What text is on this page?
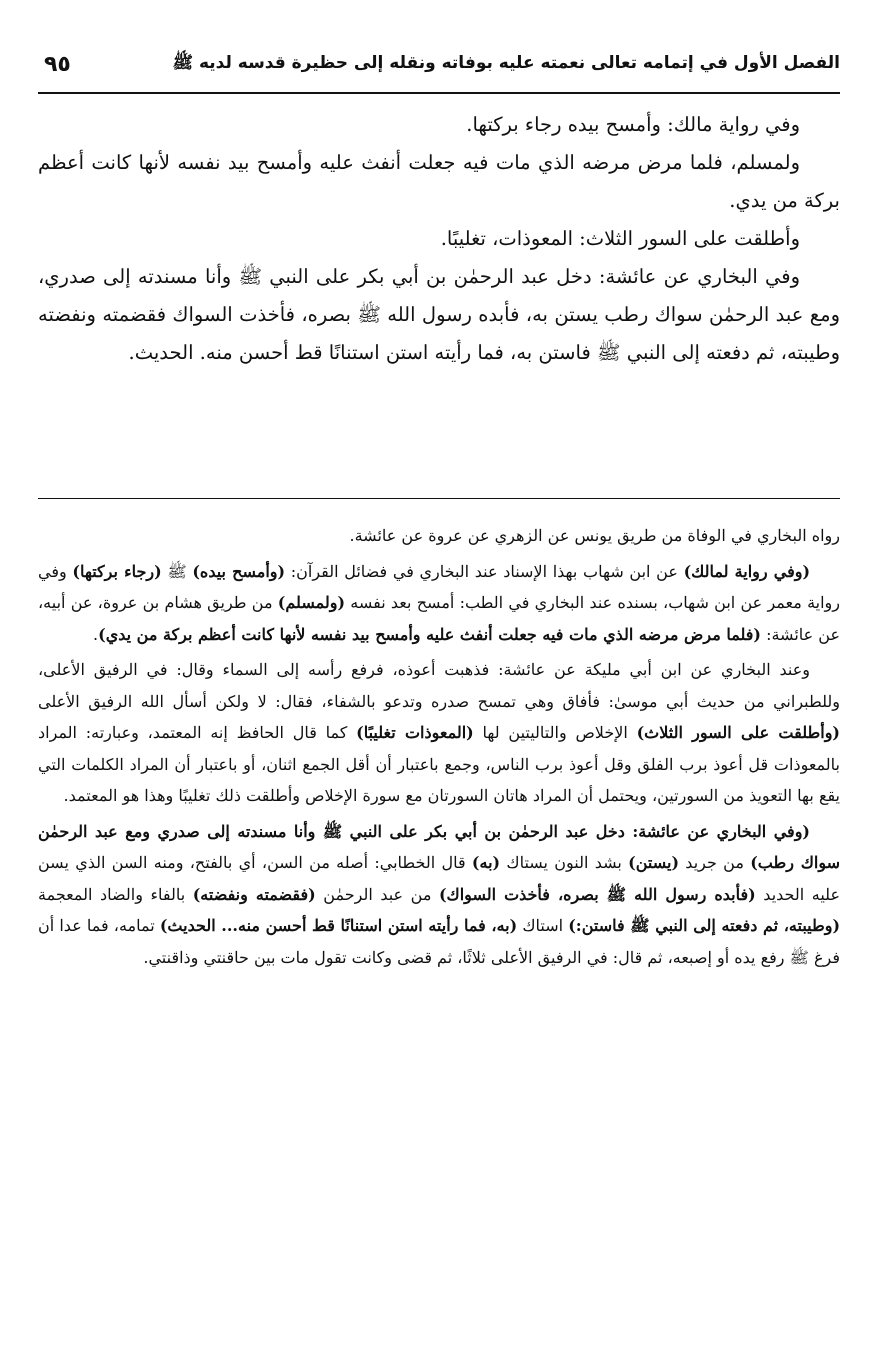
الفصل الأول في إتمامه تعالى نعمته عليه بوفاته ونقله إلى حظيرة قدسه لديه ﷺ
٩٥

وفي رواية مالك: وأمسح بيده رجاء بركتها.

ولمسلم، فلما مرض مرضه الذي مات فيه جعلت أنفث عليه وأمسح بيد نفسه لأنها كانت أعظم بركة من يدي.

وأطلقت على السور الثلاث: المعوذات، تغليبًا.

وفي البخاري عن عائشة: دخل عبد الرحمٰن بن أبي بكر على النبي ﷺ وأنا مسندته إلى صدري، ومع عبد الرحمٰن سواك رطب يستن به، فأبده رسول الله ﷺ بصره، فأخذت السواك فقضمته ونفضته وطيبته، ثم دفعته إلى النبي ﷺ فاستن به، فما رأيته استن استنانًا قط أحسن منه. الحديث.

رواه البخاري في الوفاة من طريق يونس عن الزهري عن عروة عن عائشة.

(وفي رواية لمالك) عن ابن شهاب بهذا الإسناد عند البخاري في فضائل القرآن: (وأمسح بيده) ﷺ (رجاء بركتها) وفي رواية معمر عن ابن شهاب، بسنده عند البخاري في الطب: أمسح بعد نفسه (ولمسلم) من طريق هشام بن عروة، عن أبيه، عن عائشة: (فلما مرض مرضه الذي مات فيه جعلت أنفث عليه وأمسح بيد نفسه لأنها كانت أعظم بركة من يدي).

وعند البخاري عن ابن أبي مليكة عن عائشة: فذهبت أعوذه، فرفع رأسه إلى السماء وقال: في الرفيق الأعلى، وللطبراني من حديث أبي موسىٰ: فأفاق وهي تمسح صدره وتدعو بالشفاء، فقال: لا ولكن أسأل الله الرفيق الأعلى (وأطلقت على السور الثلاث) الإخلاص والتاليتين لها (المعوذات تغليبًا) كما قال الحافظ إنه المعتمد، وعبارته: المراد بالمعوذات قل أعوذ برب الفلق وقل أعوذ برب الناس، وجمع باعتبار أن أقل الجمع اثنان، أو باعتبار أن المراد الكلمات التي يقع بها التعويذ من السورتين، ويحتمل أن المراد هاتان السورتان مع سورة الإخلاص وأطلقت ذلك تغليبًا وهذا هو المعتمد.

(وفي البخاري عن عائشة: دخل عبد الرحمٰن بن أبي بكر على النبي ﷺ وأنا مسندته إلى صدري ومع عبد الرحمٰن سواك رطب) من جريد (يستن) بشد النون يستاك (به) قال الخطابي: أصله من السن، أي بالفتح، ومنه السن الذي يسن عليه الحديد (فأبده رسول الله ﷺ بصره، فأخذت السواك) من عبد الرحمٰن (فقضمته ونفضته) بالفاء والضاد المعجمة (وطيبته، ثم دفعته إلى النبي ﷺ فاستن:) استاك (به، فما رأيته استن استنانًا قط أحسن منه... الحديث) تمامه، فما عدا أن فرغ ﷺ رفع يده أو إصبعه، ثم قال: في الرفيق الأعلى ثلاثًا، ثم قضى وكانت تقول مات بين حاقنتي وذاقنتي.
